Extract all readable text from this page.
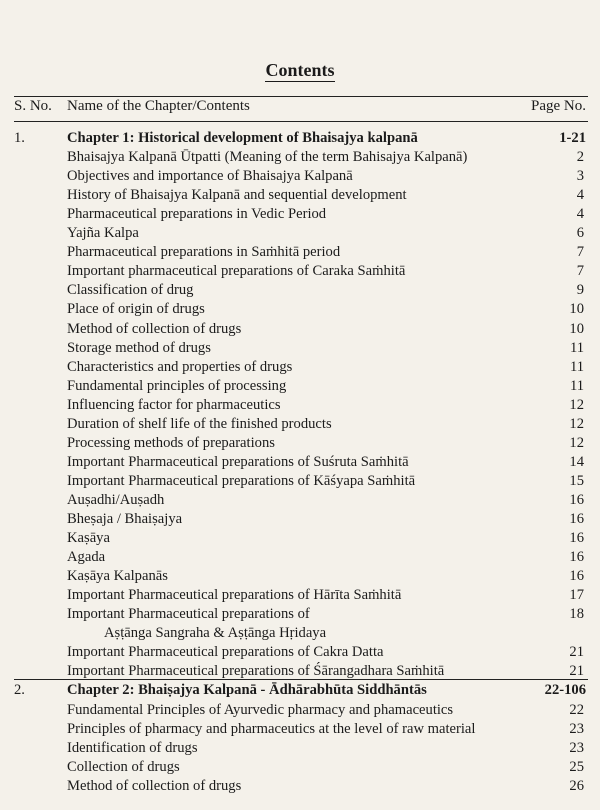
Contents
S. No. Name of the Chapter/Contents	Page No.
1.	Chapter 1: Historical development of Bhaisajya kalpanā	1-21
Bhaisajya Kalpanā Ūtpatti (Meaning of the term Bahisajya Kalpanā)	2
Objectives and importance of Bhaisajya Kalpanā	3
History of Bhaisajya Kalpanā and sequential development	4
Pharmaceutical preparations in Vedic Period	4
Yajña Kalpa	6
Pharmaceutical preparations in Saṁhitā period	7
Important pharmaceutical preparations of Caraka Saṁhitā	7
Classification of drug	9
Place of origin of drugs	10
Method of collection of drugs	10
Storage method of drugs	11
Characteristics and properties of drugs	11
Fundamental principles of processing	11
Influencing factor for pharmaceutics	12
Duration of shelf life of the finished products	12
Processing methods of preparations	12
Important Pharmaceutical preparations of Suśruta Saṁhitā	14
Important Pharmaceutical preparations of Kāśyapa Saṁhitā	15
Auṣadhi/Auṣadh	16
Bheṣaja / Bhaiṣajya	16
Kaṣāya	16
Agada	16
Kaṣāya Kalpanās	16
Important Pharmaceutical preparations of Hārīta Saṁhitā	17
Important Pharmaceutical preparations of	18
Aṣṭānga Sangraha & Aṣṭānga Hṛidaya
Important Pharmaceutical preparations of Cakra Datta	21
Important Pharmaceutical preparations of Śārangadhara Saṁhitā	21
2.	Chapter 2: Bhaiṣajya Kalpanā - Ādhārabhūta Siddhāntās	22-106
Fundamental Principles of Ayurvedic pharmacy and phamaceutics	22
Principles of pharmacy and pharmaceutics at the level of raw material	23
Identification of drugs	23
Collection of drugs	25
Method of collection of drugs	26
